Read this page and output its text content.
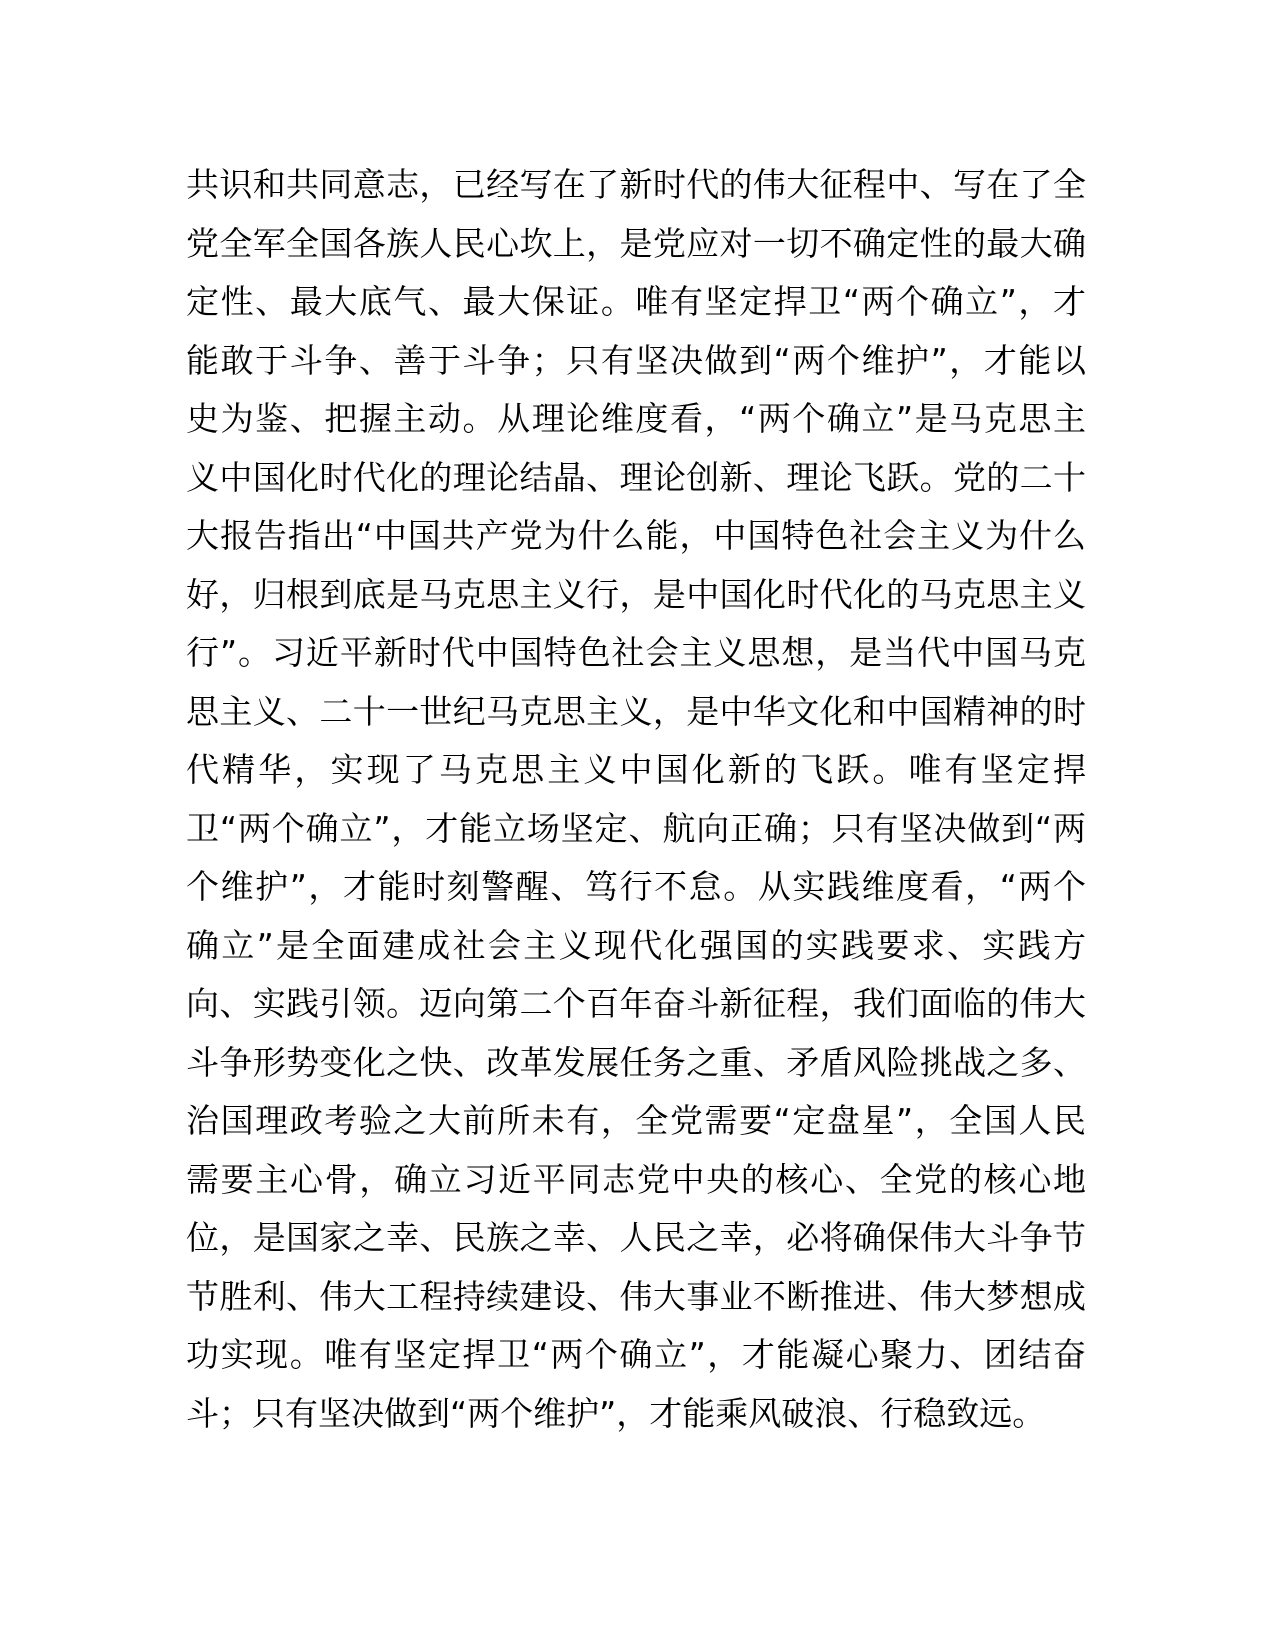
共识和共同意志，已经写在了新时代的伟大征程中、写在了全
党全军全国各族人民心坎上，是党应对一切不确定性的最大确
定性、最大底气、最大保证。唯有坚定捍卫“两个确立”，才
能敢于斗争、善于斗争；只有坚决做到“两个维护”，才能以
史为鉴、把握主动。从理论维度看，“两个确立”是马克思主
义中国化时代化的理论结晶、理论创新、理论飞跃。党的二十
大报告指出“中国共产党为什么能，中国特色社会主义为什么
好，归根到底是马克思主义行，是中国化时代化的马克思主义
行”。习近平新时代中国特色社会主义思想，是当代中国马克
思主义、二十一世纪马克思主义，是中华文化和中国精神的时
代精华，实现了马克思主义中国化新的飞跃。唯有坚定捍
卫“两个确立”，才能立场坚定、航向正确；只有坚决做到“两
个维护”，才能时刻警醒、笃行不怠。从实践维度看，“两个
确立”是全面建成社会主义现代化强国的实践要求、实践方
向、实践引领。迈向第二个百年奋斗新征程，我们面临的伟大
斗争形势变化之快、改革发展任务之重、矛盾风险挑战之多、
治国理政考验之大前所未有，全党需要“定盘星”，全国人民
需要主心骨，确立习近平同志党中央的核心、全党的核心地
位，是国家之幸、民族之幸、人民之幸，必将确保伟大斗争节
节胜利、伟大工程持续建设、伟大事业不断推进、伟大梦想成
功实现。唯有坚定捍卫“两个确立”，才能凝心聚力、团结奋
斗；只有坚决做到“两个维护”，才能乘风破浪、行稳致远。
